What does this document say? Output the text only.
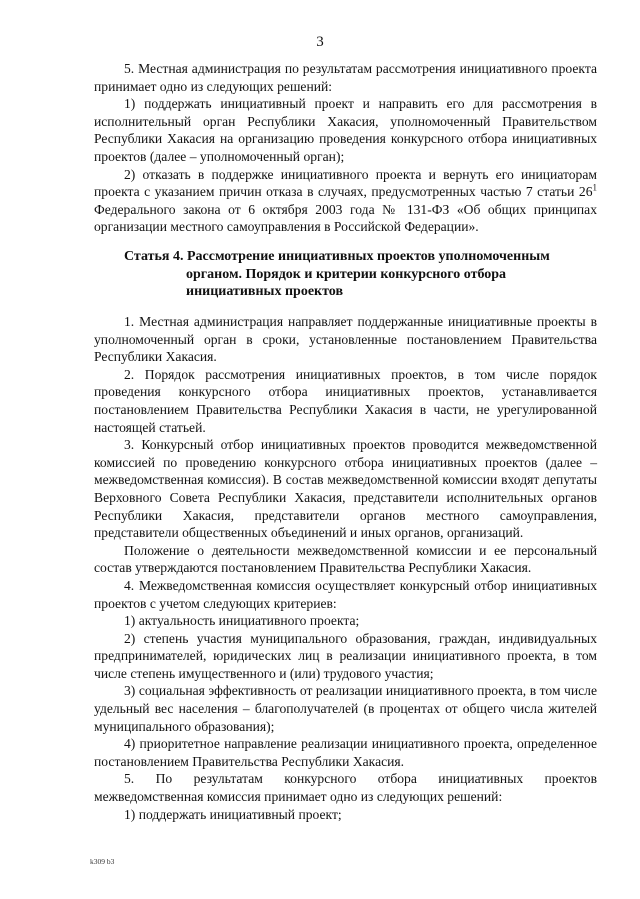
3

5. Местная администрация по результатам рассмотрения инициативного проекта принимает одно из следующих решений:

1) поддержать инициативный проект и направить его для рассмотрения в исполнительный орган Республики Хакасия, уполномоченный Правительством Республики Хакасия на организацию проведения конкурсного отбора инициативных проектов (далее – уполномоченный орган);

2) отказать в поддержке инициативного проекта и вернуть его инициаторам проекта с указанием причин отказа в случаях, предусмотренных частью 7 статьи $26^1$ Федерального закона от 6 октября 2003 года № 131-ФЗ «Об общих принципах организации местного самоуправления в Российской Федерации».

Статья 4. Рассмотрение инициативных проектов уполномоченным
органом. Порядок и критерии конкурсного отбора инициативных проектов

1. Местная администрация направляет поддержанные инициативные проекты в уполномоченный орган в сроки, установленные постановлением Правительства Республики Хакасия.

2. Порядок рассмотрения инициативных проектов, в том числе порядок проведения конкурсного отбора инициативных проектов, устанавливается постановлением Правительства Республики Хакасия в части, не урегулированной настоящей статьей.

3. Конкурсный отбор инициативных проектов проводится межведомственной комиссией по проведению конкурсного отбора инициативных проектов (далее – межведомственная комиссия). В состав межведомственной комиссии входят депутаты Верховного Совета Республики Хакасия, представители исполнительных органов Республики Хакасия, представители органов местного самоуправления, представители общественных объединений и иных органов, организаций.

Положение о деятельности межведомственной комиссии и ее персональный состав утверждаются постановлением Правительства Республики Хакасия.

4. Межведомственная комиссия осуществляет конкурсный отбор инициативных проектов с учетом следующих критериев:

1) актуальность инициативного проекта;

2) степень участия муниципального образования, граждан, индивидуальных предпринимателей, юридических лиц в реализации инициативного проекта, в том числе степень имущественного и (или) трудового участия;

3) социальная эффективность от реализации инициативного проекта, в том числе удельный вес населения – благополучателей (в процентах от общего числа жителей муниципального образования);

4) приоритетное направление реализации инициативного проекта, определенное постановлением Правительства Республики Хакасия.

5. По результатам конкурсного отбора инициативных проектов межведомственная комиссия принимает одно из следующих решений:

1) поддержать инициативный проект;

k309 b3
